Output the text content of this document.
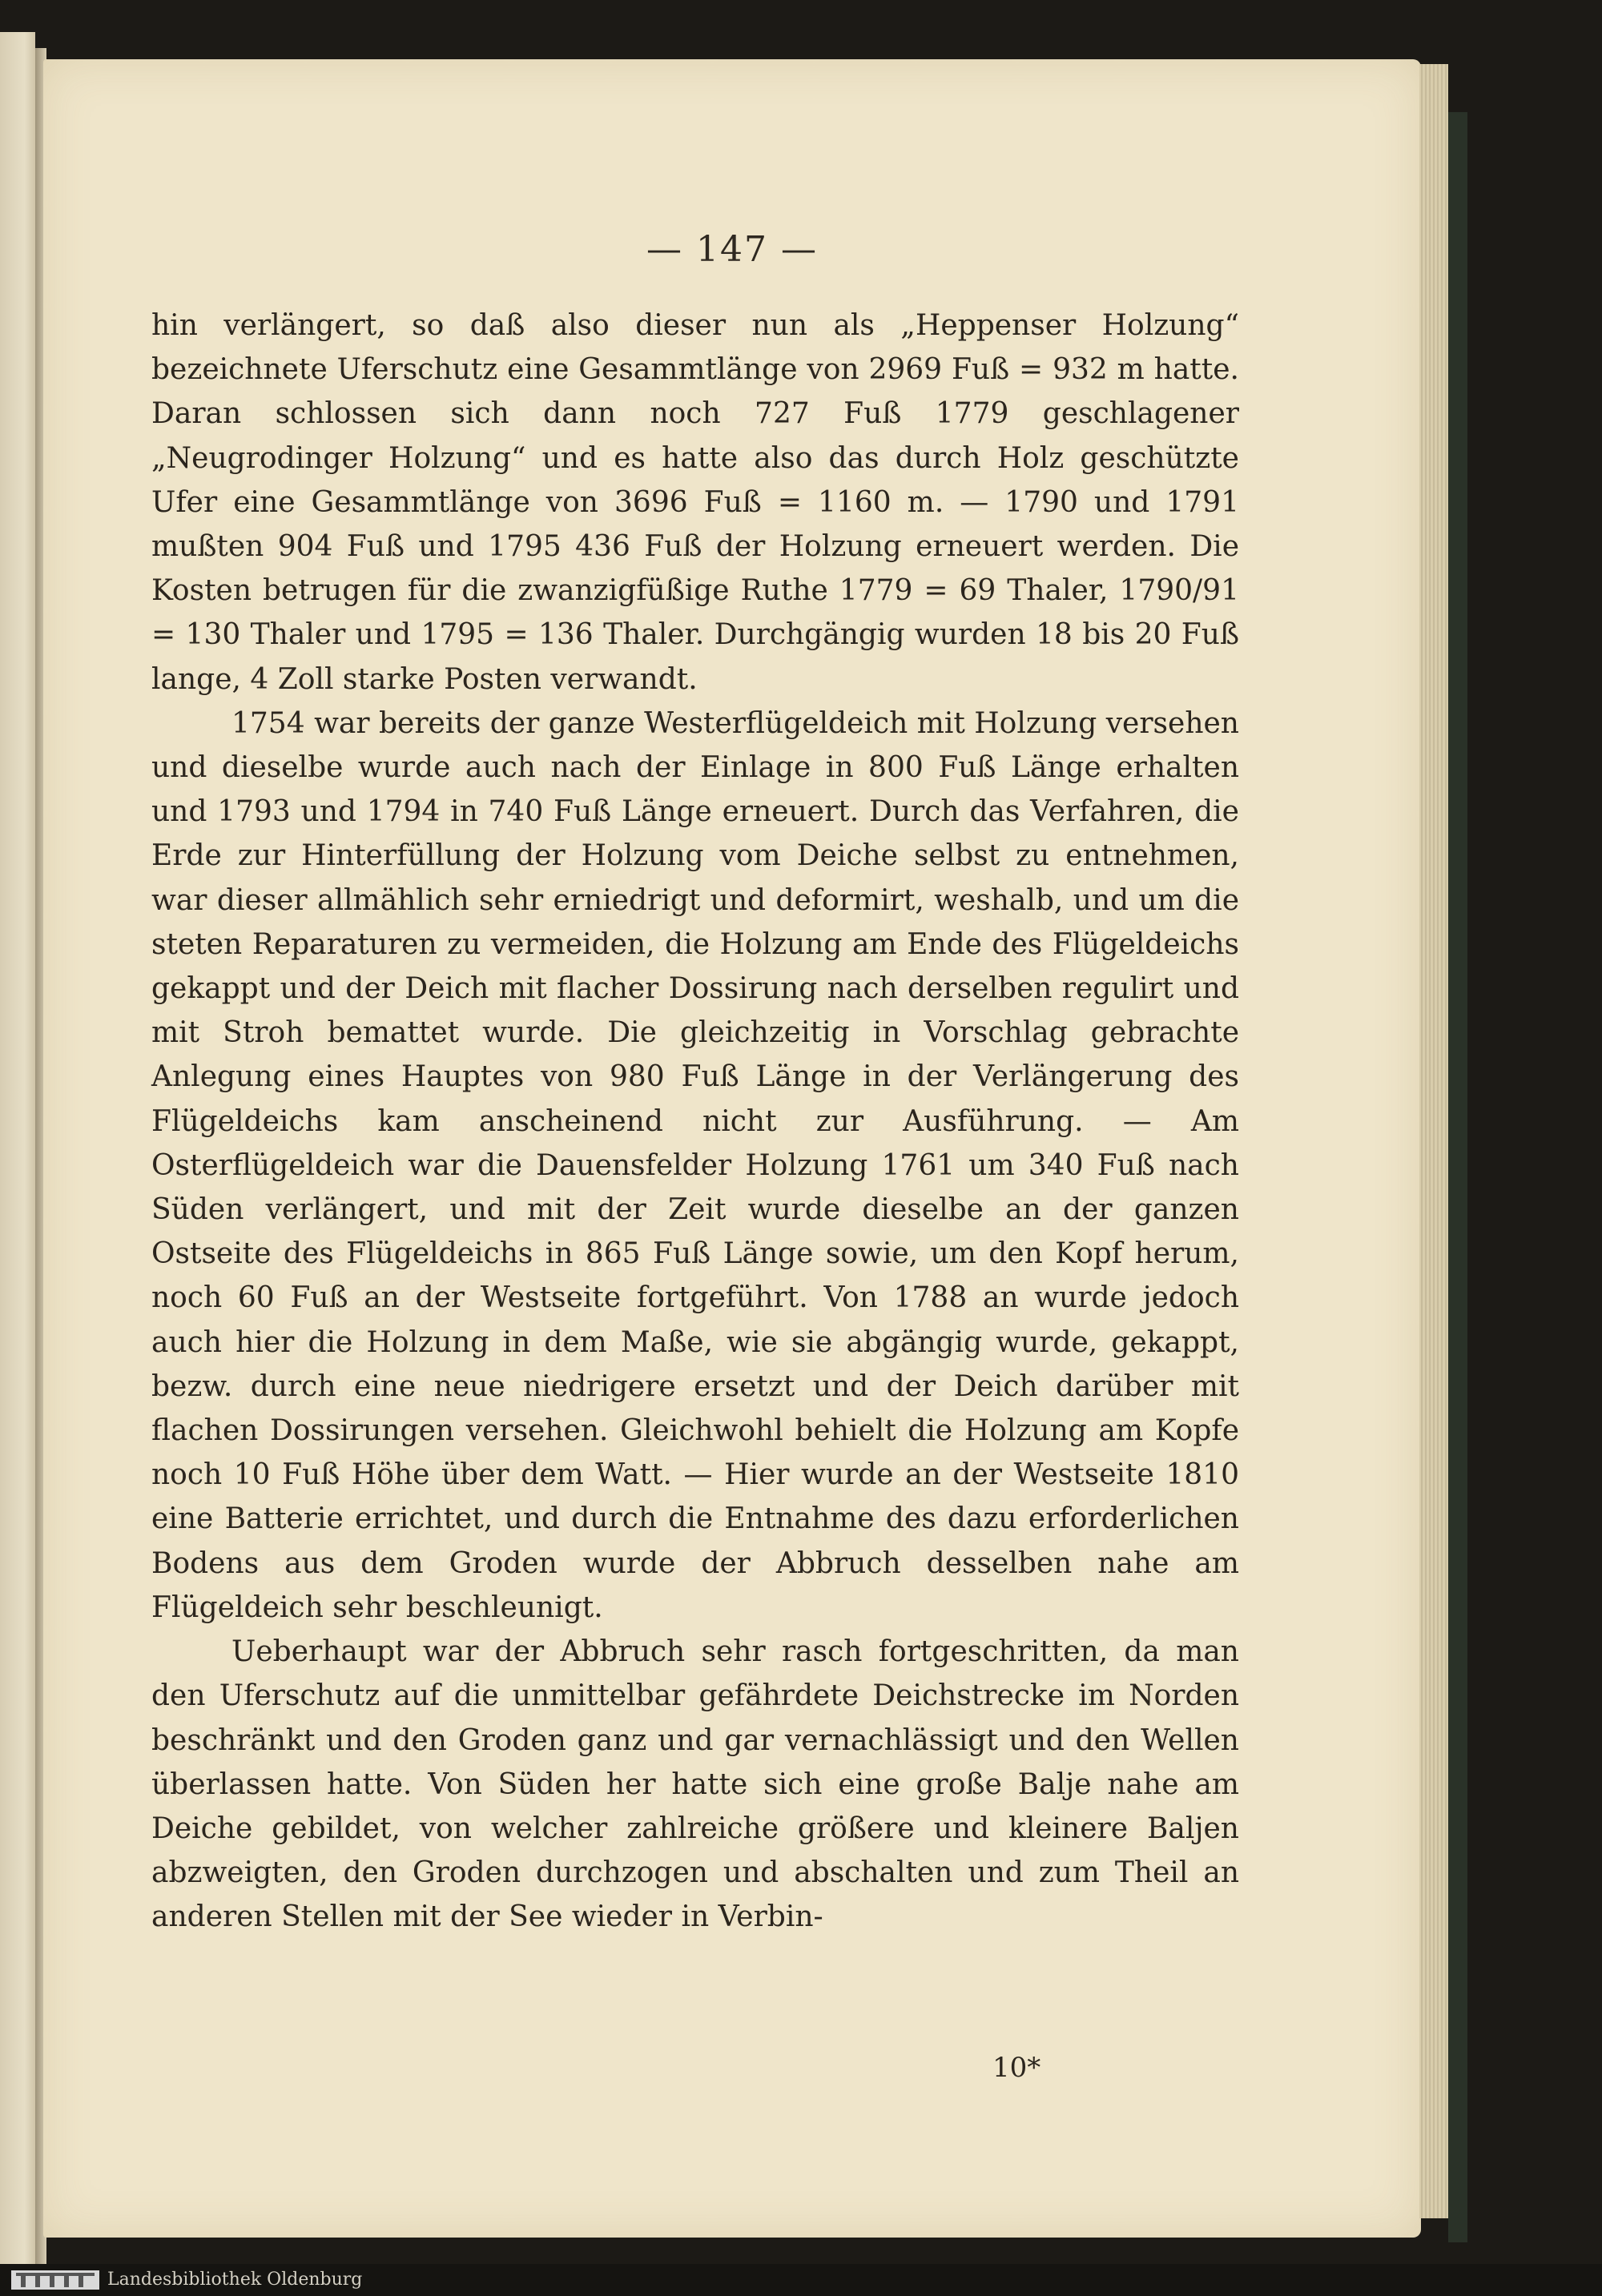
— 147 —

hin verlängert, so daß also dieser nun als „Heppenser Holzung“ bezeichnete Uferschutz eine Gesammtlänge von 2969 Fuß = 932 m hatte. Daran schlossen sich dann noch 727 Fuß 1779 geschlagener „Neugrodinger Holzung“ und es hatte also das durch Holz geschützte Ufer eine Gesammtlänge von 3696 Fuß = 1160 m. — 1790 und 1791 mußten 904 Fuß und 1795 436 Fuß der Holzung erneuert werden. Die Kosten betrugen für die zwanzigfüßige Ruthe 1779 = 69 Thaler, 1790/91 = 130 Thaler und 1795 = 136 Thaler. Durchgängig wurden 18 bis 20 Fuß lange, 4 Zoll starke Posten verwandt.

1754 war bereits der ganze Westerflügeldeich mit Holzung versehen und dieselbe wurde auch nach der Einlage in 800 Fuß Länge erhalten und 1793 und 1794 in 740 Fuß Länge erneuert. Durch das Verfahren, die Erde zur Hinterfüllung der Holzung vom Deiche selbst zu entnehmen, war dieser allmählich sehr erniedrigt und deformirt, weshalb, und um die steten Reparaturen zu vermeiden, die Holzung am Ende des Flügeldeichs gekappt und der Deich mit flacher Dossirung nach derselben regulirt und mit Stroh bemattet wurde. Die gleichzeitig in Vorschlag gebrachte Anlegung eines Hauptes von 980 Fuß Länge in der Verlängerung des Flügeldeichs kam anscheinend nicht zur Ausführung. — Am Osterflügeldeich war die Dauensfelder Holzung 1761 um 340 Fuß nach Süden verlängert, und mit der Zeit wurde dieselbe an der ganzen Ostseite des Flügeldeichs in 865 Fuß Länge sowie, um den Kopf herum, noch 60 Fuß an der Westseite fortgeführt. Von 1788 an wurde jedoch auch hier die Holzung in dem Maße, wie sie abgängig wurde, gekappt, bezw. durch eine neue niedrigere ersetzt und der Deich darüber mit flachen Dossirungen versehen. Gleichwohl behielt die Holzung am Kopfe noch 10 Fuß Höhe über dem Watt. — Hier wurde an der Westseite 1810 eine Batterie errichtet, und durch die Entnahme des dazu erforderlichen Bodens aus dem Groden wurde der Abbruch desselben nahe am Flügeldeich sehr beschleunigt.

Ueberhaupt war der Abbruch sehr rasch fortgeschritten, da man den Uferschutz auf die unmittelbar gefährdete Deichstrecke im Norden beschränkt und den Groden ganz und gar vernachlässigt und den Wellen überlassen hatte. Von Süden her hatte sich eine große Balje nahe am Deiche gebildet, von welcher zahlreiche größere und kleinere Baljen abzweigten, den Groden durchzogen und abschalten und zum Theil an anderen Stellen mit der See wieder in Verbin-

10*
Landesbibliothek Oldenburg
